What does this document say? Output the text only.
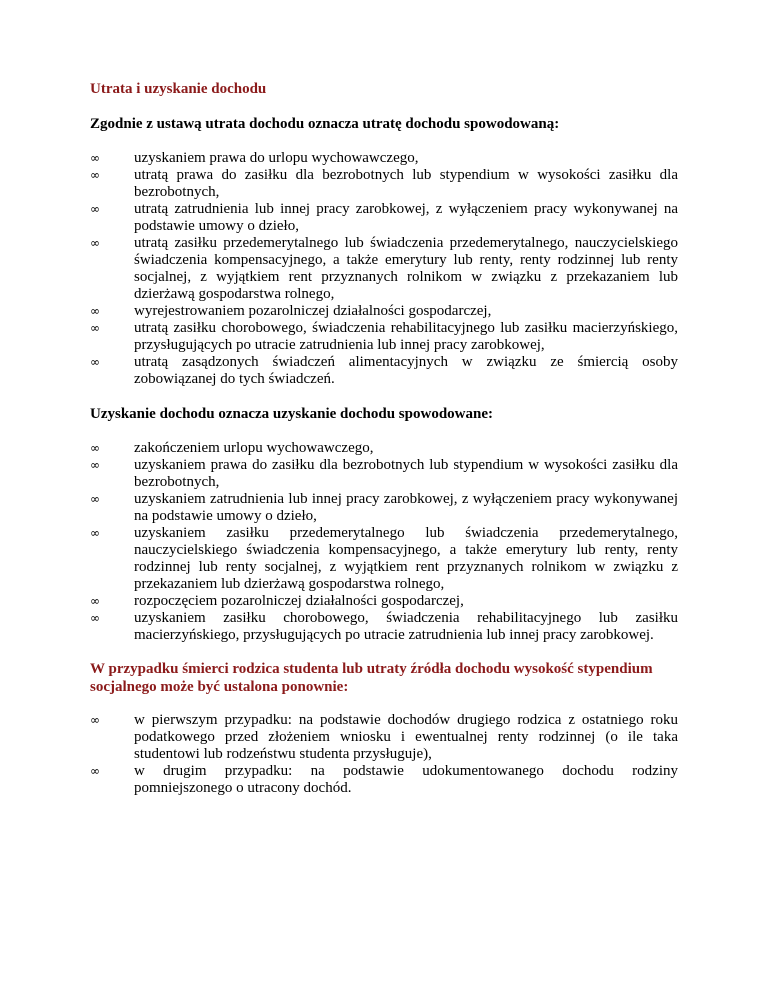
Utrata i uzyskanie dochodu

Zgodnie z ustawą utrata dochodu oznacza utratę dochodu spowodowaną:

∞ uzyskaniem prawa do urlopu wychowawczego,
∞ utratą prawa do zasiłku dla bezrobotnych lub stypendium w wysokości zasiłku dla bezrobotnych,
∞ utratą zatrudnienia lub innej pracy zarobkowej, z wyłączeniem pracy wykonywanej na podstawie umowy o dzieło,
∞ utratą zasiłku przedemerytalnego lub świadczenia przedemerytalnego, nauczycielskiego świadczenia kompensacyjnego, a także emerytury lub renty, renty rodzinnej lub renty socjalnej, z wyjątkiem rent przyznanych rolnikom w związku z przekazaniem lub dzierżawą gospodarstwa rolnego,
∞ wyrejestrowaniem pozarolniczej działalności gospodarczej,
∞ utratą zasiłku chorobowego, świadczenia rehabilitacyjnego lub zasiłku macierzyńskiego, przysługujących po utracie zatrudnienia lub innej pracy zarobkowej,
∞ utratą zasądzonych świadczeń alimentacyjnych w związku ze śmiercią osoby zobowiązanej do tych świadczeń.

Uzyskanie dochodu oznacza uzyskanie dochodu spowodowane:

∞ zakończeniem urlopu wychowawczego,
∞ uzyskaniem prawa do zasiłku dla bezrobotnych lub stypendium w wysokości zasiłku dla bezrobotnych,
∞ uzyskaniem zatrudnienia lub innej pracy zarobkowej, z wyłączeniem pracy wykonywanej na podstawie umowy o dzieło,
∞ uzyskaniem zasiłku przedemerytalnego lub świadczenia przedemerytalnego, nauczycielskiego świadczenia kompensacyjnego, a także emerytury lub renty, renty rodzinnej lub renty socjalnej, z wyjątkiem rent przyznanych rolnikom w związku z przekazaniem lub dzierżawą gospodarstwa rolnego,
∞ rozpoczęciem pozarolniczej działalności gospodarczej,
∞ uzyskaniem zasiłku chorobowego, świadczenia rehabilitacyjnego lub zasiłku macierzyńskiego, przysługujących po utracie zatrudnienia lub innej pracy zarobkowej.

W przypadku śmierci rodzica studenta lub utraty źródła dochodu wysokość stypendium socjalnego może być ustalona ponownie:

∞ w pierwszym przypadku: na podstawie dochodów drugiego rodzica z ostatniego roku podatkowego przed złożeniem wniosku i ewentualnej renty rodzinnej (o ile taka studentowi lub rodzeństwu studenta przysługuje),
∞ w drugim przypadku: na podstawie udokumentowanego dochodu rodziny pomniejszonego o utracony dochód.
